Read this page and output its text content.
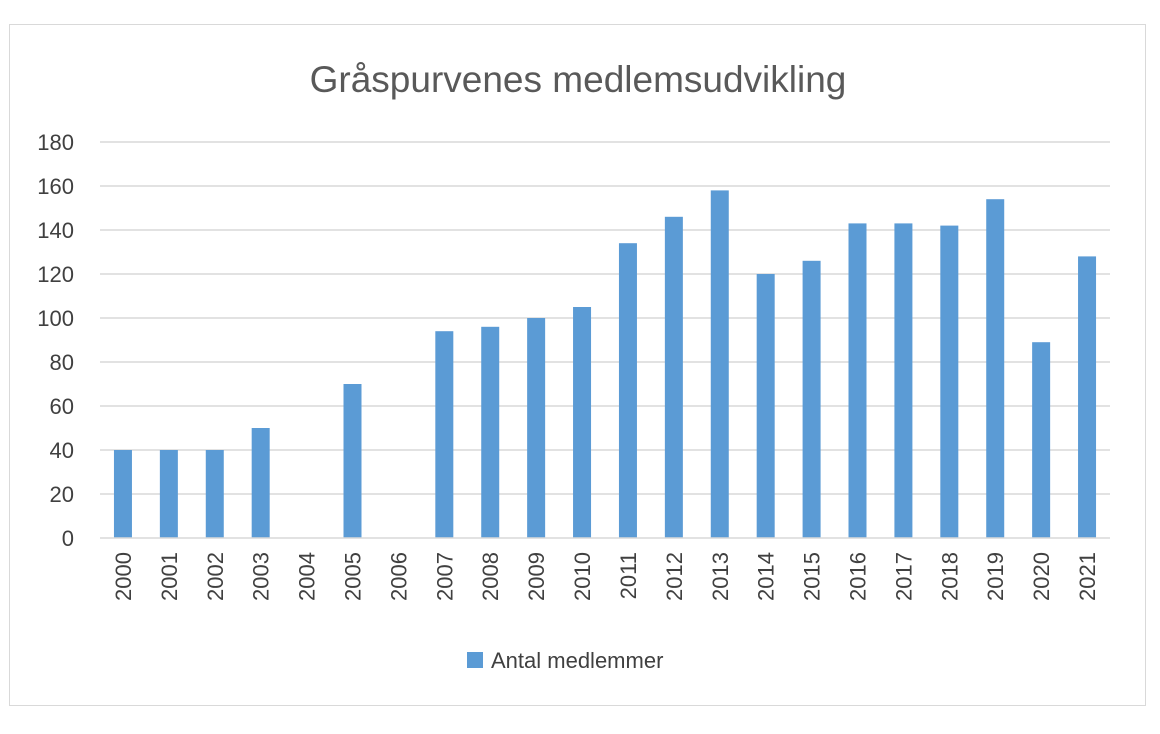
Gråspurvenes medlemsudvikling
0
20
40
60
80
100
120
140
160
180
2000 2001 2002 2003 2004 2005 2006 2007 2008 2009 2010 2011 2012 2013 2014 2015 2016 2017 2018 2019 2020 2021
Antal medlemmer
